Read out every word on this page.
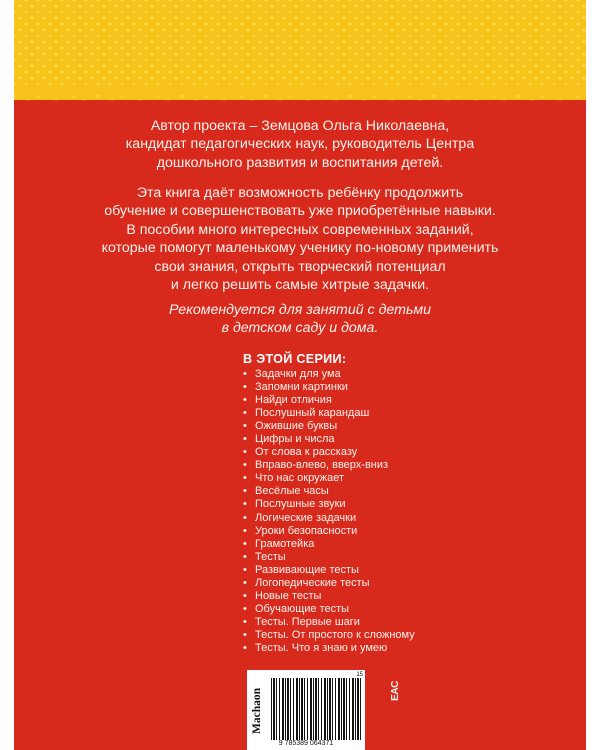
Автор проекта – Земцова Ольга Николаевна,
кандидат педагогических наук, руководитель Центра
дошкольного развития и воспитания детей.
Эта книга даёт возможность ребёнку продолжить
обучение и совершенствовать уже приобретённые навыки.
В пособии много интересных современных заданий,
которые помогут маленькому ученику по-новому применить
свои знания, открыть творческий потенциал
и легко решить самые хитрые задачки.
Рекомендуется для занятий с детьми
в детском саду и дома.
В ЭТОЙ СЕРИИ:
• Задачки для ума
• Запомни картинки
• Найди отличия
• Послушный карандаш
• Ожившие буквы
• Цифры и числа
• От слова к рассказу
• Вправо-влево, вверх-вниз
• Что нас окружает
• Весёлые часы
• Послушные звуки
• Логические задачки
• Уроки безопасности
• Грамотейка
• Тесты
• Развивающие тесты
• Логопедические тесты
• Новые тесты
• Обучающие тесты
• Тесты. Первые шаги
• Тесты. От простого к сложному
• Тесты. Что я знаю и умею
Machaon
15
9 785389 064371
EAC
